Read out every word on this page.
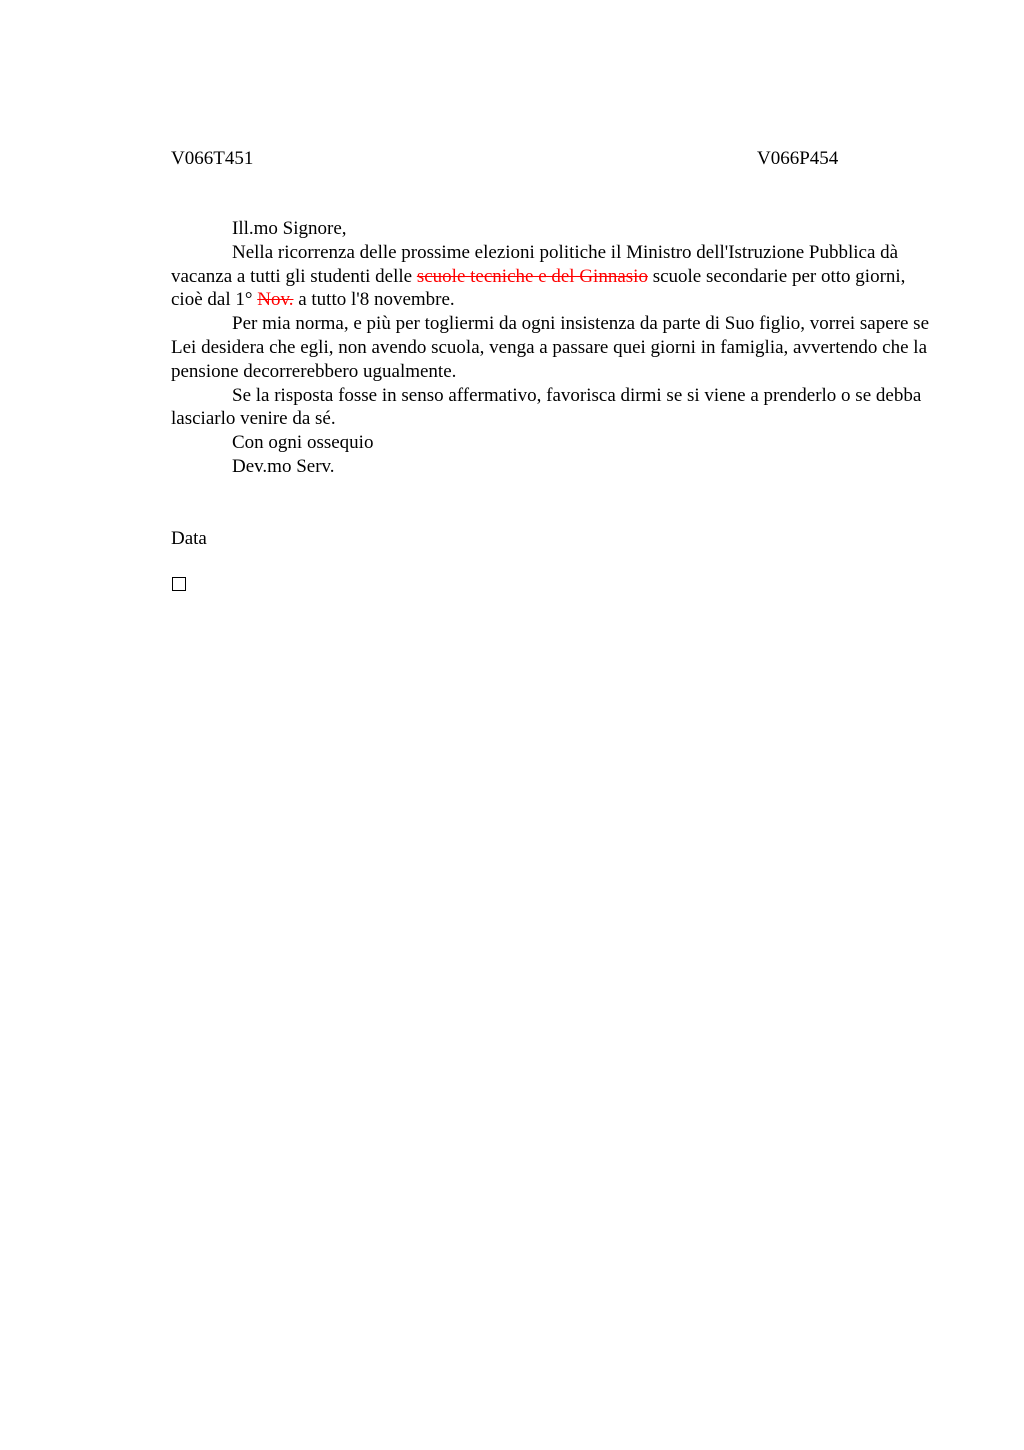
V066T451	V066P454

Ill.mo Signore,

Nella ricorrenza delle prossime elezioni politiche il Ministro dell'Istruzione Pubblica dà vacanza a tutti gli studenti delle scuole tecniche e del Ginnasio scuole secondarie per otto giorni, cioè dal 1° Nov. a tutto l'8 novembre.

Per mia norma, e più per togliermi da ogni insistenza da parte di Suo figlio, vorrei sapere se Lei desidera che egli, non avendo scuola, venga a passare quei giorni in famiglia, avvertendo che la pensione decorrerebbero ugualmente.

Se la risposta fosse in senso affermativo, favorisca dirmi se si viene a prenderlo o se debba lasciarlo venire da sé.

Con ogni ossequio

Dev.mo Serv.

Data
